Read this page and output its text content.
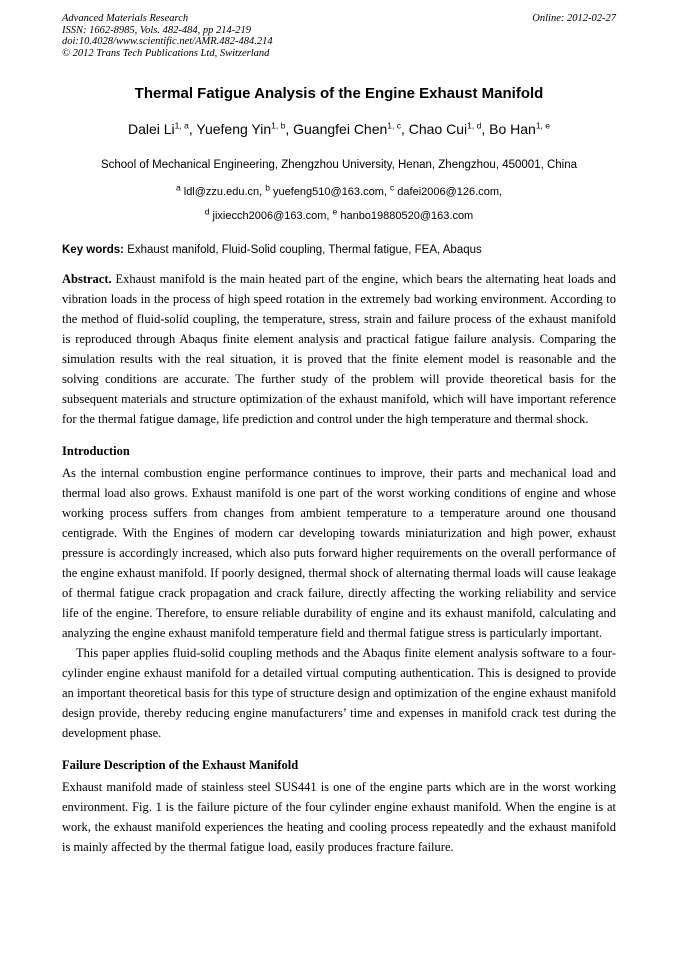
Advanced Materials Research
ISSN: 1662-8985, Vols. 482-484, pp 214-219
doi:10.4028/www.scientific.net/AMR.482-484.214
© 2012 Trans Tech Publications Ltd, Switzerland
Online: 2012-02-27
Thermal Fatigue Analysis of the Engine Exhaust Manifold
Dalei Li$^{1, a}$, Yuefeng Yin$^{1, b}$, Guangfei Chen$^{1, c}$, Chao Cui$^{1, d}$, Bo Han$^{1, e}$
School of Mechanical Engineering, Zhengzhou University, Henan, Zhengzhou, 450001, China
$^a$ ldl@zzu.edu.cn, $^b$ yuefeng510@163.com, $^c$ dafei2006@126.com,
$^d$ jixiecch2006@163.com, $^e$ hanbo19880520@163.com
Key words: Exhaust manifold, Fluid-Solid coupling, Thermal fatigue, FEA, Abaqus

Abstract. Exhaust manifold is the main heated part of the engine, which bears the alternating heat loads and vibration loads in the process of high speed rotation in the extremely bad working environment. According to the method of fluid-solid coupling, the temperature, stress, strain and failure process of the exhaust manifold is reproduced through Abaqus finite element analysis and practical fatigue failure analysis. Comparing the simulation results with the real situation, it is proved that the finite element model is reasonable and the solving conditions are accurate. The further study of the problem will provide theoretical basis for the subsequent materials and structure optimization of the exhaust manifold, which will have important reference for the thermal fatigue damage, life prediction and control under the high temperature and thermal shock.

Introduction

As the internal combustion engine performance continues to improve, their parts and mechanical load and thermal load also grows. Exhaust manifold is one part of the worst working conditions of engine and whose working process suffers from changes from ambient temperature to a temperature around one thousand centigrade. With the Engines of modern car developing towards miniaturization and high power, exhaust pressure is accordingly increased, which also puts forward higher requirements on the overall performance of the engine exhaust manifold. If poorly designed, thermal shock of alternating thermal loads will cause leakage of thermal fatigue crack propagation and crack failure, directly affecting the working reliability and service life of the engine. Therefore, to ensure reliable durability of engine and its exhaust manifold, calculating and analyzing the engine exhaust manifold temperature field and thermal fatigue stress is particularly important.

This paper applies fluid-solid coupling methods and the Abaqus finite element analysis software to a four-cylinder engine exhaust manifold for a detailed virtual computing authentication. This is designed to provide an important theoretical basis for this type of structure design and optimization of the engine exhaust manifold design provide, thereby reducing engine manufacturers’ time and expenses in manifold crack test during the development phase.

Failure Description of the Exhaust Manifold

Exhaust manifold made of stainless steel SUS441 is one of the engine parts which are in the worst working environment. Fig. 1 is the failure picture of the four cylinder engine exhaust manifold. When the engine is at work, the exhaust manifold experiences the heating and cooling process repeatedly and the exhaust manifold is mainly affected by the thermal fatigue load, easily produces fracture failure.
